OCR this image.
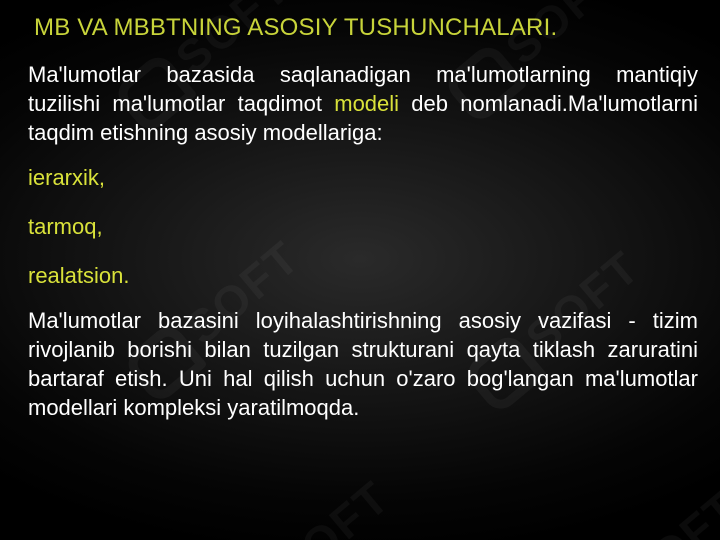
MB VA MBBTNING ASOSIY TUSHUNCHALARI.

Ma'lumotlar bazasida saqlanadigan ma'lumotlarning mantiqiy tuzilishi ma'lumotlar taqdimot modeli deb nomlanadi.Ma'lumotlarni taqdim etishning asosiy modellariga:

ierarxik,
tarmoq,
realatsion.

Ma'lumotlar bazasini loyihalashtirishning asosiy vazifasi - tizim rivojlanib borishi bilan tuzilgan strukturani qayta tiklash zaruratini bartaraf etish. Uni hal qilish uchun o'zaro bog'langan ma'lumotlar modellari kompleksi yaratilmoqda.
